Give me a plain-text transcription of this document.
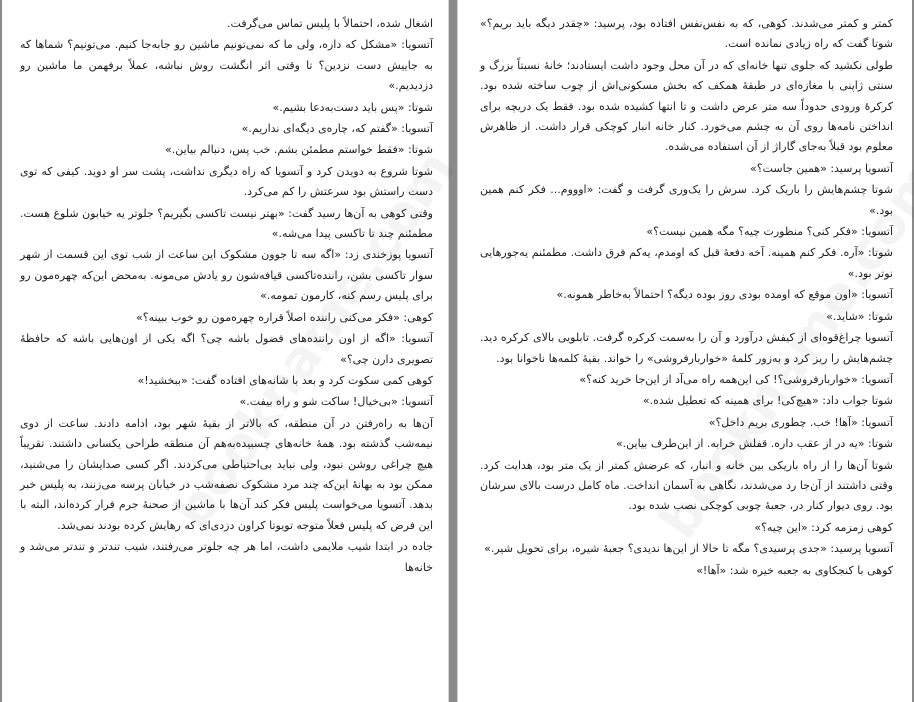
اشغال شده، احتمالاً با پلیس تماس می‌گرفت.

آتسویا: «مشکل که داره، ولی ما که نمی‌تونیم ماشین رو جابه‌جا کنیم. می‌تونیم؟ شماها که به جاییش دست نزدین؟ تا وقتی اثر انگشت روش نباشه، عملاً برفهمن ما ماشین رو دزدیدیم.»

شوتا: «پس باید دست‌به‌دعا بشیم.»

آتسویا: «گفتم که، چاره‌ی دیگه‌ای نداریم.»

شوتا: «فقط خواستم مطمئن بشم. خب پس، دنبالم بیاین.»

شوتا شروع به دویدن کرد و آتسویا که راه دیگری نداشت، پشت سر او دوید. کیفی که توی دست راستش بود سرعتش را کم می‌کرد.

وقتی کوهی به آن‌ها رسید گفت: «بهتر نیست تاکسی بگیریم؟ جلوتر یه خیابون شلوغ هست. مطمئنم چند تا تاکسی پیدا می‌شه.»

آتسویا پوزخندی زد: «اگه سه تا جوون مشکوک این ساعت از شب توی این قسمت از شهر سوار تاکسی بشن، راننده‌تاکسی قیافه‌شون رو یادش می‌مونه. به‌محض این‌که چهره‌مون رو برای پلیس رسم کنه، کارمون تمومه.»

کوهی: «فکر می‌کنی راننده اصلاً قراره چهره‌مون رو خوب ببینه؟»

آتسویا: «اگه از اون راننده‌های فضول باشه چی؟ اگه یکی از اون‌هایی باشه که حافظهٔ تصویری دارن چی؟»

کوهی کمی سکوت کرد و بعد با شانه‌های افتاده گفت: «ببخشید!»

آتسویا: «بی‌خیال! ساکت شو و راه بیفت.»

آن‌ها به راه‌رفتن در آن منطقه، که بالاتر از بقیهٔ شهر بود، ادامه دادند. ساعت از دوی نیمه‌شب گذشته بود. همهٔ خانه‌های چسبیده‌به‌هم آن منطقه طراحی یکسانی داشتند. تقریباً هیچ چراغی روشن نبود، ولی نباید بی‌احتیاطی می‌کردند. اگر کسی صدایشان را می‌شنید، ممکن بود به بهانهٔ این‌که چند مرد مشکوک نصفه‌شب در خیابان پرسه می‌زنند، به پلیس خبر بدهد. آتسویا می‌خواست پلیس فکر کند آن‌ها با ماشین از صحنهٔ جرم فرار کرده‌اند، البته با این فرض که پلیس فعلاً متوجه تویوتا کراون دزدی‌ای که رهایش کرده بودند نمی‌شد.

جاده در ابتدا شیب ملایمی داشت، اما هر چه جلوتر می‌رفتند، شیب تندتر و تندتر می‌شد و خانه‌ها

کمتر و کمتر می‌شدند. کوهی، که به نفس‌نفس افتاده بود، پرسید: «چقدر دیگه باید بریم؟» شوتا گفت که راه زیادی نمانده است.

طولی نکشید که جلوی تنها خانه‌ای که در آن محل وجود داشت ایستادند؛ خانهٔ نسبتاً بزرگ و سنتی ژاپنی با مغازه‌ای در طبقهٔ همکف که بخش مسکونی‌اش از چوب ساخته شده بود. کرکرهٔ ورودی حدوداً سه متر عرض داشت و تا انتها کشیده شده بود. فقط یک دریچه برای انداختن نامه‌ها روی آن به چشم می‌خورد. کنار خانه انبار کوچکی قرار داشت. از ظاهرش معلوم بود قبلاً به‌جای گاراژ از آن استفاده می‌شده.

آتسویا پرسید: «همین جاست؟»

شوتا چشم‌هایش را باریک کرد. سرش را یک‌وری گرفت و گفت: «اوووم... فکر کنم همین بود.»

آتسویا: «فکر کنی؟ منظورت چیه؟ مگه همین نیست؟»

شوتا: «آره. فکر کنم همینه. آخه دفعهٔ قبل که اومدم، یه‌کم فرق داشت. مطمئنم یه‌جورهایی نوتر بود.»

آتسویا: «اون موقع که اومده بودی روز بوده دیگه؟ احتمالاً به‌خاطر همونه.»

شوتا: «شاید.»

آتسویا چراغ‌قوه‌ای از کیفش درآورد و آن را به‌سمت کرکره گرفت. تابلویی بالای کرکره دید. چشم‌هایش را ریز کرد و به‌زور کلمهٔ «خواربارفروشی» را خواند. بقیهٔ کلمه‌ها ناخوانا بود.

آتسویا: «خواربارفروشی؟! کی این‌همه راه می‌آد از این‌جا خرید کنه؟»

شوتا جواب داد: «هیچ‌کی! برای همینه که تعطیل شده.»

آتسویا: «آها! خب. چطوری بریم داخل؟»

شوتا: «یه در از عقب داره. قفلش خرابه. از این‌طرف بیاین.»

شوتا آن‌ها را از راه باریکی بین خانه و انبار، که عرضش کمتر از یک متر بود، هدایت کرد. وقتی داشتند از آن‌جا رد می‌شدند، نگاهی به آسمان انداخت. ماه کامل درست بالای سرشان بود. روی دیوار کنار در، جعبهٔ چوبی کوچکی نصب شده بود.

کوهی زمزمه کرد: «این چیه؟»

آتسویا پرسید: «جدی پرسیدی؟ مگه تا حالا از این‌ها ندیدی؟ جعبهٔ شیره، برای تحویل شیر.»

کوهی با کنجکاوی به جعبه خیره شد: «آها!»
